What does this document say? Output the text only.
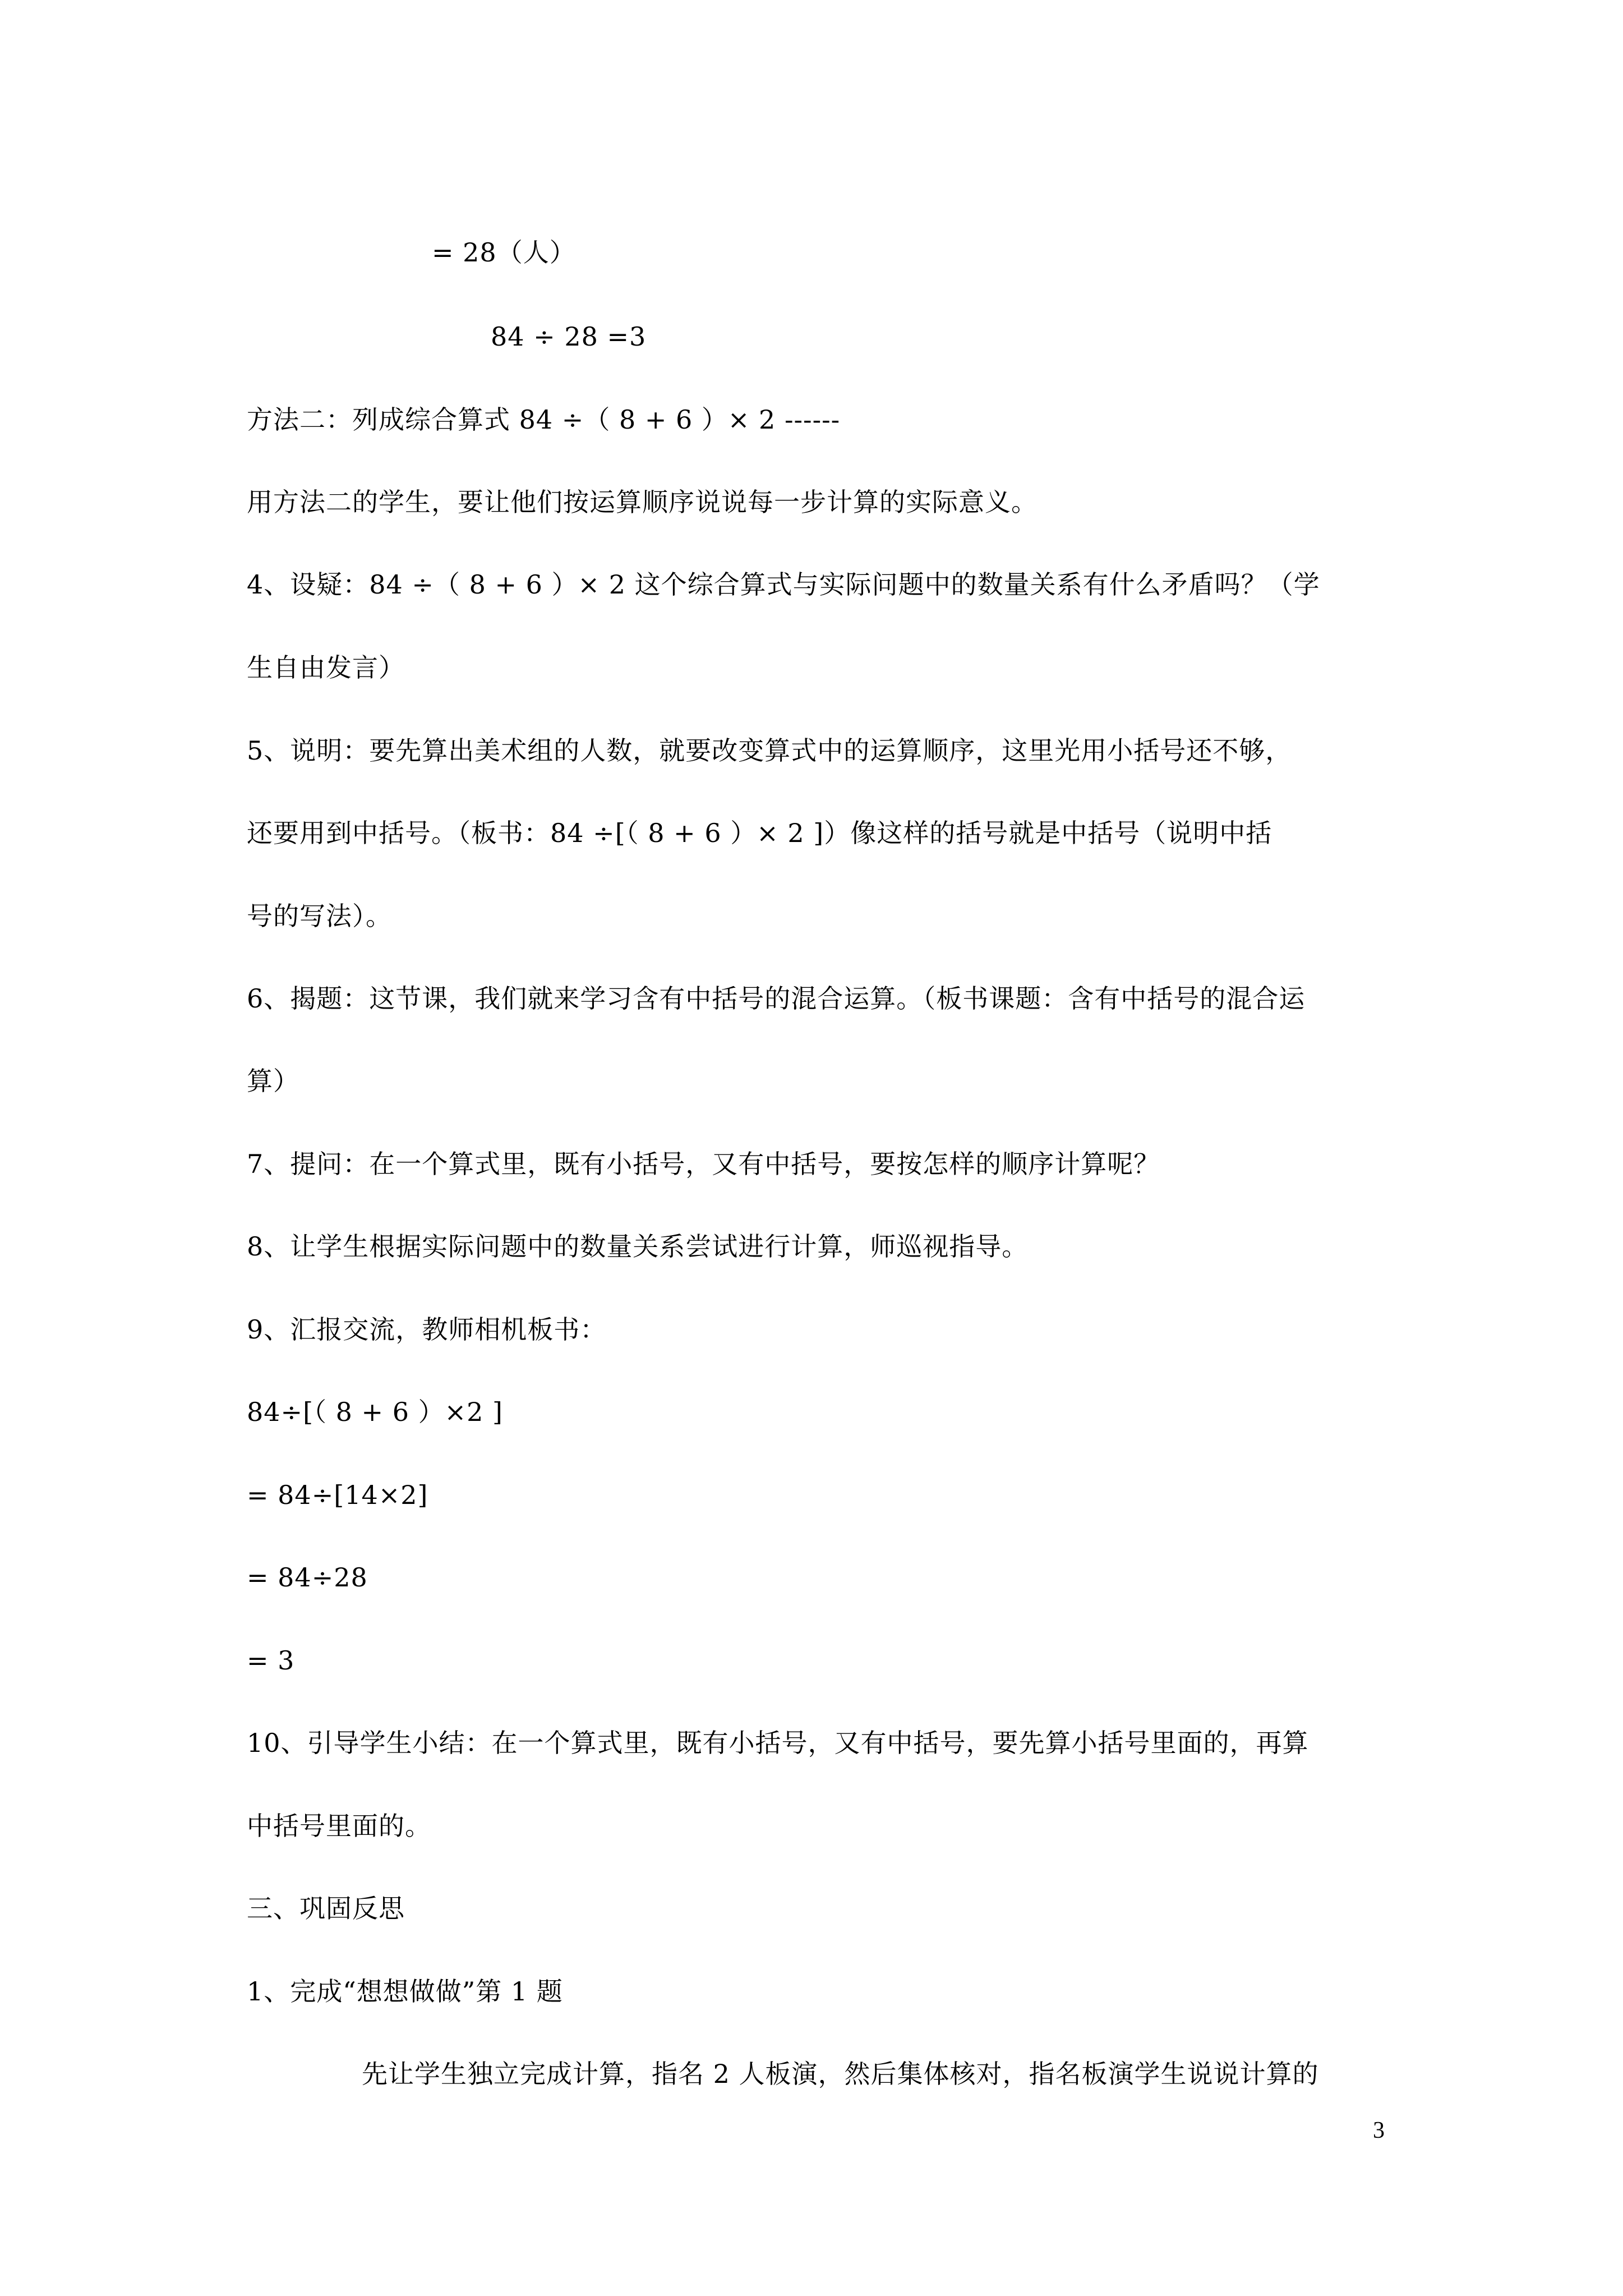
= 28（人）
84 ÷ 28 =3
方法二：列成综合算式 84 ÷（ 8 + 6 ）× 2 ------
用方法二的学生，要让他们按运算顺序说说每一步计算的实际意义。
4、设疑：84 ÷（ 8 + 6 ）× 2 这个综合算式与实际问题中的数量关系有什么矛盾吗？（学
生自由发言）
5、说明：要先算出美术组的人数，就要改变算式中的运算顺序，这里光用小括号还不够，
还要用到中括号。（板书：84 ÷[（ 8 + 6 ）× 2 ]）像这样的括号就是中括号（说明中括
号的写法）。
6、揭题：这节课，我们就来学习含有中括号的混合运算。（板书课题：含有中括号的混合运
算）
7、提问：在一个算式里，既有小括号，又有中括号，要按怎样的顺序计算呢？
8、让学生根据实际问题中的数量关系尝试进行计算，师巡视指导。
9、汇报交流，教师相机板书：
84÷[（ 8 + 6 ）×2 ]
= 84÷[14×2]
= 84÷28
= 3
10、引导学生小结：在一个算式里，既有小括号，又有中括号，要先算小括号里面的，再算
中括号里面的。
三、巩固反思
1、完成“想想做做”第 1 题
先让学生独立完成计算，指名 2 人板演，然后集体核对，指名板演学生说说计算的
3
